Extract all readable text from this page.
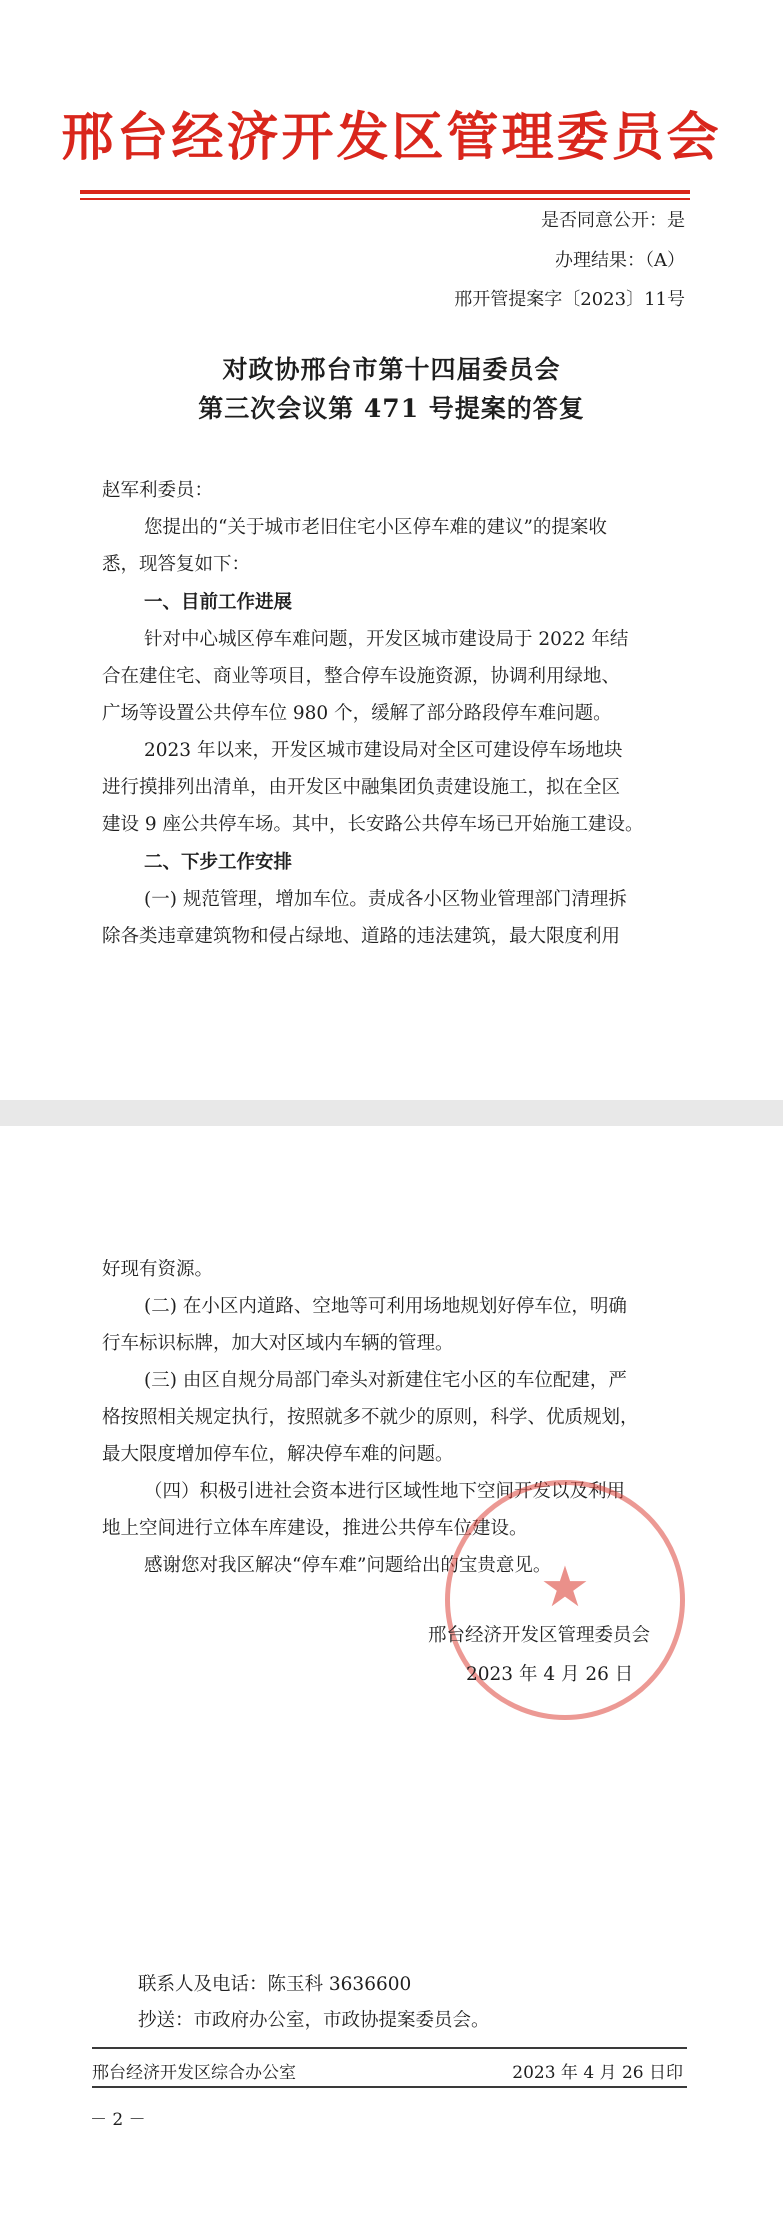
邢台经济开发区管理委员会
是否同意公开：是
办理结果：（A）
邢开管提案字〔2023〕11号
对政协邢台市第十四届委员会
第三次会议第 471 号提案的答复
赵军利委员：
您提出的“关于城市老旧住宅小区停车难的建议”的提案收
悉，现答复如下：
一、目前工作进展
针对中心城区停车难问题，开发区城市建设局于 2022 年结
合在建住宅、商业等项目，整合停车设施资源，协调利用绿地、
广场等设置公共停车位 980 个，缓解了部分路段停车难问题。
2023 年以来，开发区城市建设局对全区可建设停车场地块
进行摸排列出清单，由开发区中融集团负责建设施工，拟在全区
建设 9 座公共停车场。其中，长安路公共停车场已开始施工建设。
二、下步工作安排
(一) 规范管理，增加车位。责成各小区物业管理部门清理拆
除各类违章建筑物和侵占绿地、道路的违法建筑，最大限度利用
好现有资源。
(二) 在小区内道路、空地等可利用场地规划好停车位，明确
行车标识标牌，加大对区域内车辆的管理。
(三) 由区自规分局部门牵头对新建住宅小区的车位配建，严
格按照相关规定执行，按照就多不就少的原则，科学、优质规划，
最大限度增加停车位，解决停车难的问题。
（四）积极引进社会资本进行区域性地下空间开发以及利用
地上空间进行立体车库建设，推进公共停车位建设。
感谢您对我区解决“停车难”问题给出的宝贵意见。
★
邢台经济开发区管理委员会
2023 年 4 月 26 日
联系人及电话：陈玉科 3636600
抄送：市政府办公室，市政协提案委员会。
邢台经济开发区综合办公室	2023 年 4 月 26 日印
－ 2 －
